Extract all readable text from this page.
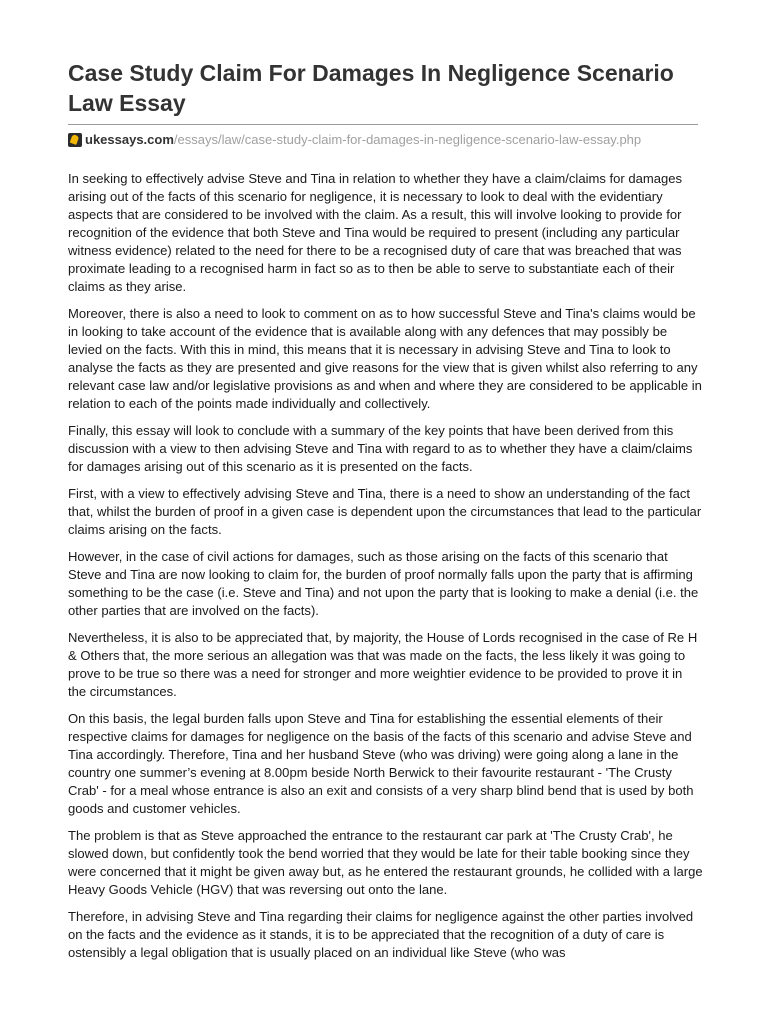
Case Study Claim For Damages In Negligence Scenario Law Essay
ukessays.com /essays/law/case-study-claim-for-damages-in-negligence-scenario-law-essay.php

In seeking to effectively advise Steve and Tina in relation to whether they have a claim/claims for damages arising out of the facts of this scenario for negligence, it is necessary to look to deal with the evidentiary aspects that are considered to be involved with the claim. As a result, this will involve looking to provide for recognition of the evidence that both Steve and Tina would be required to present (including any particular witness evidence) related to the need for there to be a recognised duty of care that was breached that was proximate leading to a recognised harm in fact so as to then be able to serve to substantiate each of their claims as they arise.

Moreover, there is also a need to look to comment on as to how successful Steve and Tina's claims would be in looking to take account of the evidence that is available along with any defences that may possibly be levied on the facts. With this in mind, this means that it is necessary in advising Steve and Tina to look to analyse the facts as they are presented and give reasons for the view that is given whilst also referring to any relevant case law and/or legislative provisions as and when and where they are considered to be applicable in relation to each of the points made individually and collectively.

Finally, this essay will look to conclude with a summary of the key points that have been derived from this discussion with a view to then advising Steve and Tina with regard to as to whether they have a claim/claims for damages arising out of this scenario as it is presented on the facts.

First, with a view to effectively advising Steve and Tina, there is a need to show an understanding of the fact that, whilst the burden of proof in a given case is dependent upon the circumstances that lead to the particular claims arising on the facts.

However, in the case of civil actions for damages, such as those arising on the facts of this scenario that Steve and Tina are now looking to claim for, the burden of proof normally falls upon the party that is affirming something to be the case (i.e. Steve and Tina) and not upon the party that is looking to make a denial (i.e. the other parties that are involved on the facts).

Nevertheless, it is also to be appreciated that, by majority, the House of Lords recognised in the case of Re H & Others that, the more serious an allegation was that was made on the facts, the less likely it was going to prove to be true so there was a need for stronger and more weightier evidence to be provided to prove it in the circumstances.

On this basis, the legal burden falls upon Steve and Tina for establishing the essential elements of their respective claims for damages for negligence on the basis of the facts of this scenario and advise Steve and Tina accordingly. Therefore, Tina and her husband Steve (who was driving) were going along a lane in the country one summer’s evening at 8.00pm beside North Berwick to their favourite restaurant - 'The Crusty Crab' - for a meal whose entrance is also an exit and consists of a very sharp blind bend that is used by both goods and customer vehicles.

The problem is that as Steve approached the entrance to the restaurant car park at 'The Crusty Crab', he slowed down, but confidently took the bend worried that they would be late for their table booking since they were concerned that it might be given away but, as he entered the restaurant grounds, he collided with a large Heavy Goods Vehicle (HGV) that was reversing out onto the lane.

Therefore, in advising Steve and Tina regarding their claims for negligence against the other parties involved on the facts and the evidence as it stands, it is to be appreciated that the recognition of a duty of care is ostensibly a legal obligation that is usually placed on an individual like Steve (who was
